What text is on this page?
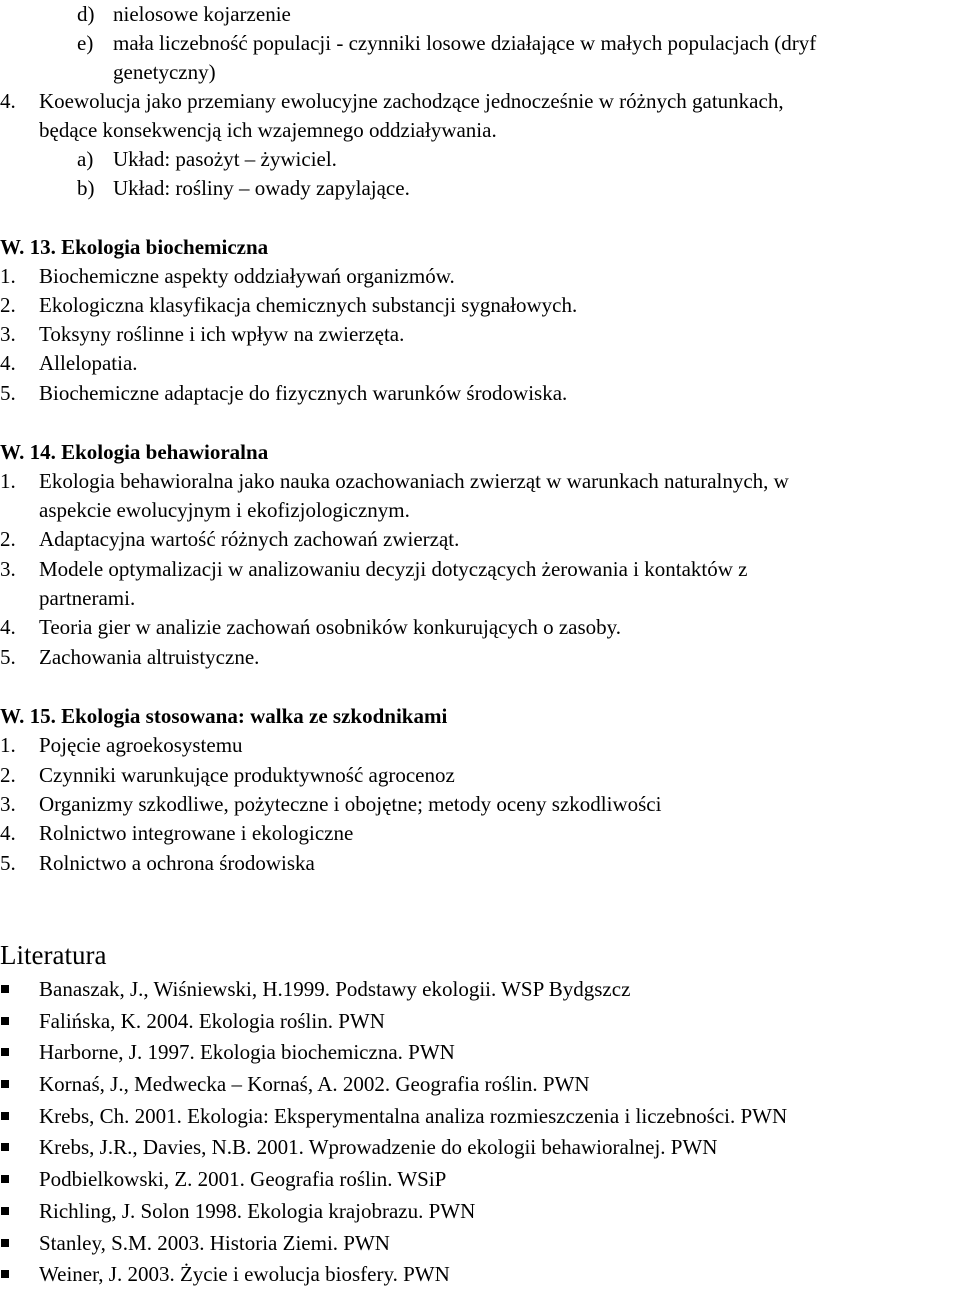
d) nielosowe kojarzenie
e) mała liczebność populacji - czynniki losowe działające w małych populacjach (dryf
genetyczny)
4. Koewolucja jako przemiany ewolucyjne zachodzące jednocześnie w różnych gatunkach,
będące konsekwencją ich wzajemnego oddziaływania.
a) Układ: pasożyt – żywiciel.
b) Układ: rośliny – owady zapylające.
W. 13. Ekologia biochemiczna
1. Biochemiczne aspekty oddziaływań organizmów.
2. Ekologiczna klasyfikacja chemicznych substancji sygnałowych.
3. Toksyny roślinne i ich wpływ na zwierzęta.
4. Allelopatia.
5. Biochemiczne adaptacje do fizycznych warunków środowiska.
W. 14. Ekologia behawioralna
1. Ekologia behawioralna jako nauka ozachowaniach zwierząt w warunkach naturalnych, w
aspekcie ewolucyjnym i ekofizjologicznym.
2. Adaptacyjna wartość różnych zachowań zwierząt.
3. Modele optymalizacji w analizowaniu decyzji dotyczących żerowania i kontaktów z
partnerami.
4. Teoria gier w analizie zachowań osobników konkurujących o zasoby.
5. Zachowania altruistyczne.
W. 15. Ekologia stosowana: walka ze szkodnikami
1. Pojęcie agroekosystemu
2. Czynniki warunkujące produktywność agrocenoz
3. Organizmy szkodliwe, pożyteczne i obojętne; metody oceny szkodliwości
4. Rolnictwo integrowane i ekologiczne
5. Rolnictwo a ochrona środowiska
Literatura
Banaszak, J., Wiśniewski, H.1999. Podstawy ekologii. WSP Bydgszcz
Falińska, K. 2004. Ekologia roślin. PWN
Harborne, J. 1997. Ekologia biochemiczna. PWN
Kornaś, J., Medwecka – Kornaś, A. 2002. Geografia roślin. PWN
Krebs, Ch. 2001. Ekologia: Eksperymentalna analiza rozmieszczenia i liczebności. PWN
Krebs, J.R., Davies, N.B. 2001. Wprowadzenie do ekologii behawioralnej. PWN
Podbielkowski, Z. 2001. Geografia roślin. WSiP
Richling, J. Solon 1998. Ekologia krajobrazu. PWN
Stanley, S.M. 2003. Historia Ziemi. PWN
Weiner, J. 2003. Życie i ewolucja biosfery. PWN
